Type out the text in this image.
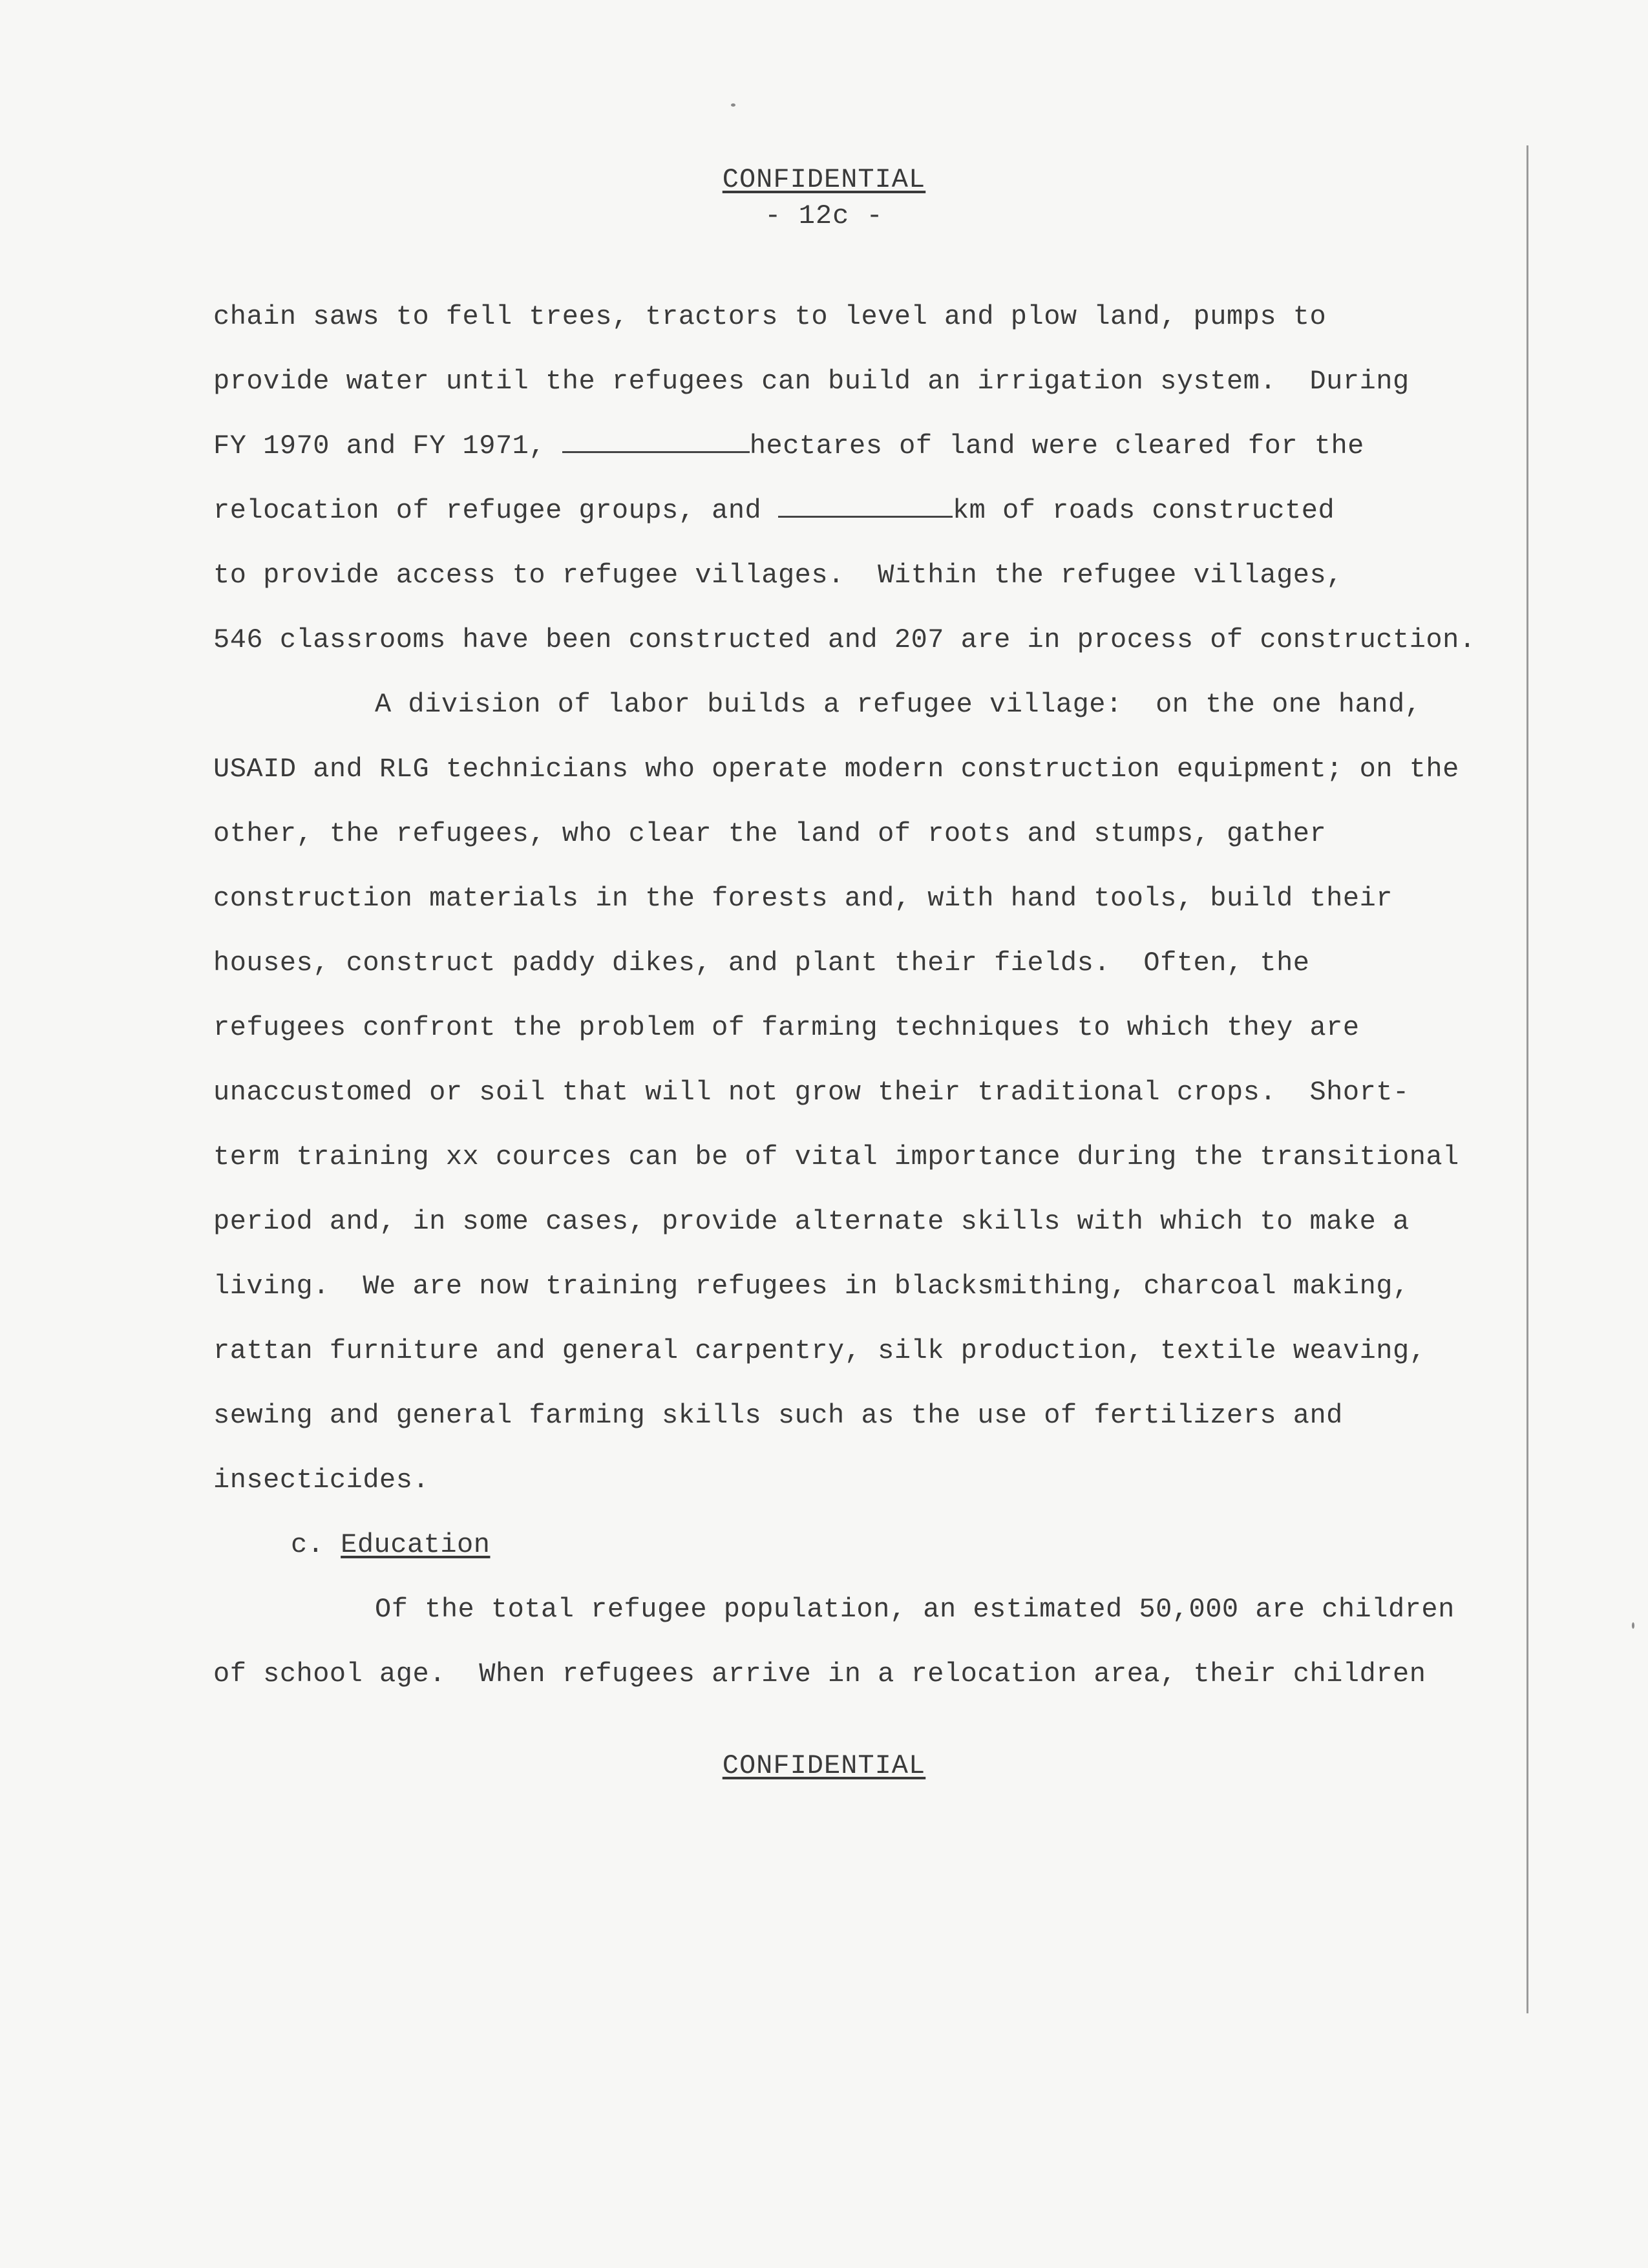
CONFIDENTIAL
- 12c -
chain saws to fell trees, tractors to level and plow land, pumps to
provide water until the refugees can build an irrigation system.  During
FY 1970 and FY 1971,	hectares of land were cleared for the
relocation of refugee groups, and	km of roads constructed
to provide access to refugee villages.  Within the refugee villages,
546 classrooms have been constructed and 207 are in process of construction.
A division of labor builds a refugee village:  on the one hand,
USAID and RLG technicians who operate modern construction equipment; on the
other, the refugees, who clear the land of roots and stumps, gather
construction materials in the forests and, with hand tools, build their
houses, construct paddy dikes, and plant their fields.  Often, the
refugees confront the problem of farming techniques to which they are
unaccustomed or soil that will not grow their traditional crops.  Short-
term training xx cources can be of vital importance during the transitional
period and, in some cases, provide alternate skills with which to make a
living.  We are now training refugees in blacksmithing, charcoal making,
rattan furniture and general carpentry, silk production, textile weaving,
sewing and general farming skills such as the use of fertilizers and
insecticides.
c. Education
Of the total refugee population, an estimated 50,000 are children
of school age.  When refugees arrive in a relocation area, their children
CONFIDENTIAL
